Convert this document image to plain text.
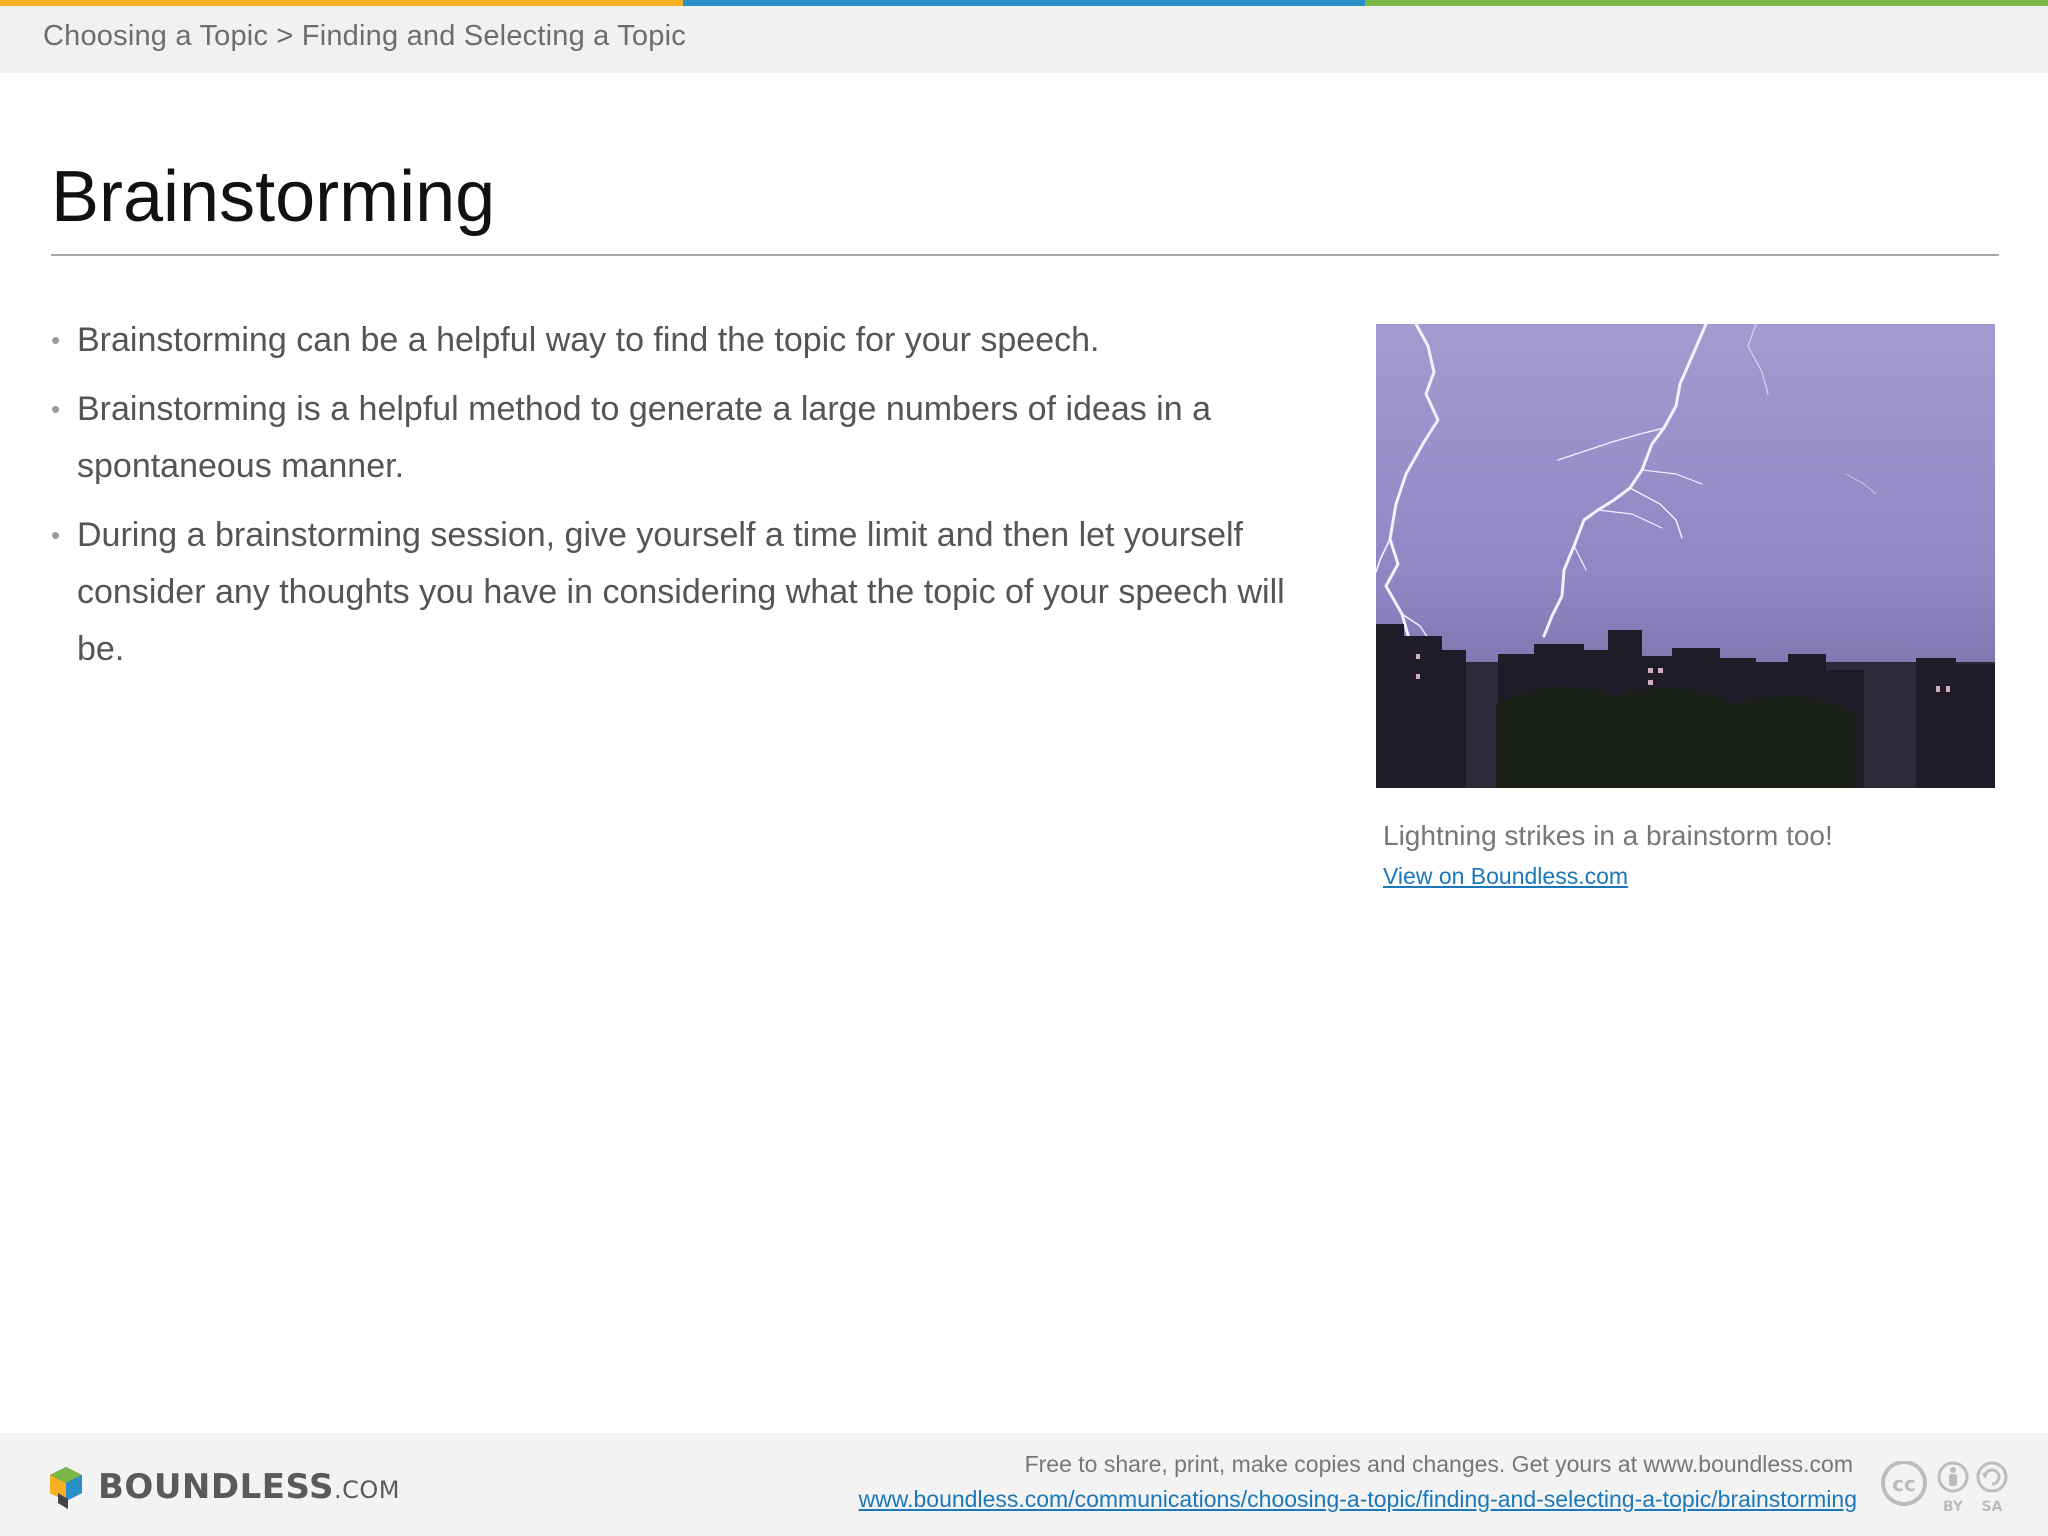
Choosing a Topic > Finding and Selecting a Topic
Brainstorming
• Brainstorming can be a helpful way to find the topic for your speech.
• Brainstorming is a helpful method to generate a large numbers of ideas in a spontaneous manner.
• During a brainstorming session, give yourself a time limit and then let yourself consider any thoughts you have in considering what the topic of your speech will be.
Lightning strikes in a brainstorm too!
View on Boundless.com
BOUNDLESS.COM
Free to share, print, make copies and changes. Get yours at www.boundless.com
www.boundless.com/communications/choosing-a-topic/finding-and-selecting-a-topic/brainstorming
cc
BY SA
